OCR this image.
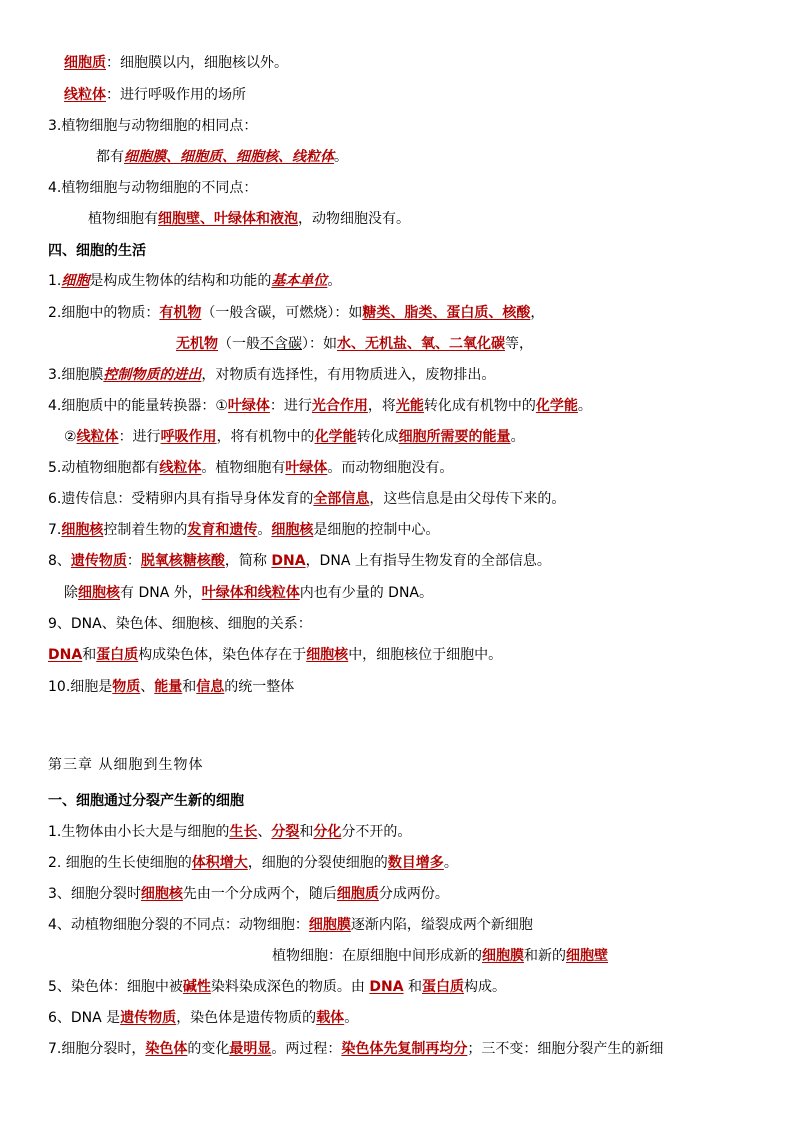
细胞质：细胞膜以内，细胞核以外。
线粒体：进行呼吸作用的场所
3.植物细胞与动物细胞的相同点：
都有细胞膜、细胞质、细胞核、线粒体。
4.植物细胞与动物细胞的不同点：
植物细胞有细胞壁、叶绿体和液泡，动物细胞没有。
四、细胞的生活
1.细胞是构成生物体的结构和功能的基本单位。
2.细胞中的物质：有机物（一般含碳，可燃烧）：如糖类、脂类、蛋白质、核酸，
无机物（一般不含碳）：如水、无机盐、氧、二氧化碳等，
3.细胞膜控制物质的进出，对物质有选择性，有用物质进入，废物排出。
4.细胞质中的能量转换器：①叶绿体：进行光合作用，将光能转化成有机物中的化学能。
②线粒体：进行呼吸作用，将有机物中的化学能转化成细胞所需要的能量。
5.动植物细胞都有线粒体。植物细胞有叶绿体。而动物细胞没有。
6.遗传信息：受精卵内具有指导身体发育的全部信息，这些信息是由父母传下来的。
7.细胞核控制着生物的发育和遗传。细胞核是细胞的控制中心。
8、遗传物质：脱氧核糖核酸，简称 DNA，DNA 上有指导生物发育的全部信息。
除细胞核有 DNA 外，叶绿体和线粒体内也有少量的 DNA。
9、DNA、染色体、细胞核、细胞的关系：
DNA和蛋白质构成染色体，染色体存在于细胞核中，细胞核位于细胞中。
10.细胞是物质、能量和信息的统一整体
第三章 从细胞到生物体
一、细胞通过分裂产生新的细胞
1.生物体由小长大是与细胞的生长、分裂和分化分不开的。
2. 细胞的生长使细胞的体积增大，细胞的分裂使细胞的数目增多。
3、细胞分裂时细胞核先由一个分成两个，随后细胞质分成两份。
4、动植物细胞分裂的不同点：动物细胞：细胞膜逐渐内陷，缢裂成两个新细胞
植物细胞：在原细胞中间形成新的细胞膜和新的细胞壁
5、染色体：细胞中被碱性染料染成深色的物质。由 DNA 和蛋白质构成。
6、DNA 是遗传物质，染色体是遗传物质的载体。
7.细胞分裂时，染色体的变化最明显。两过程：染色体先复制再均分；三不变：细胞分裂产生的新细
